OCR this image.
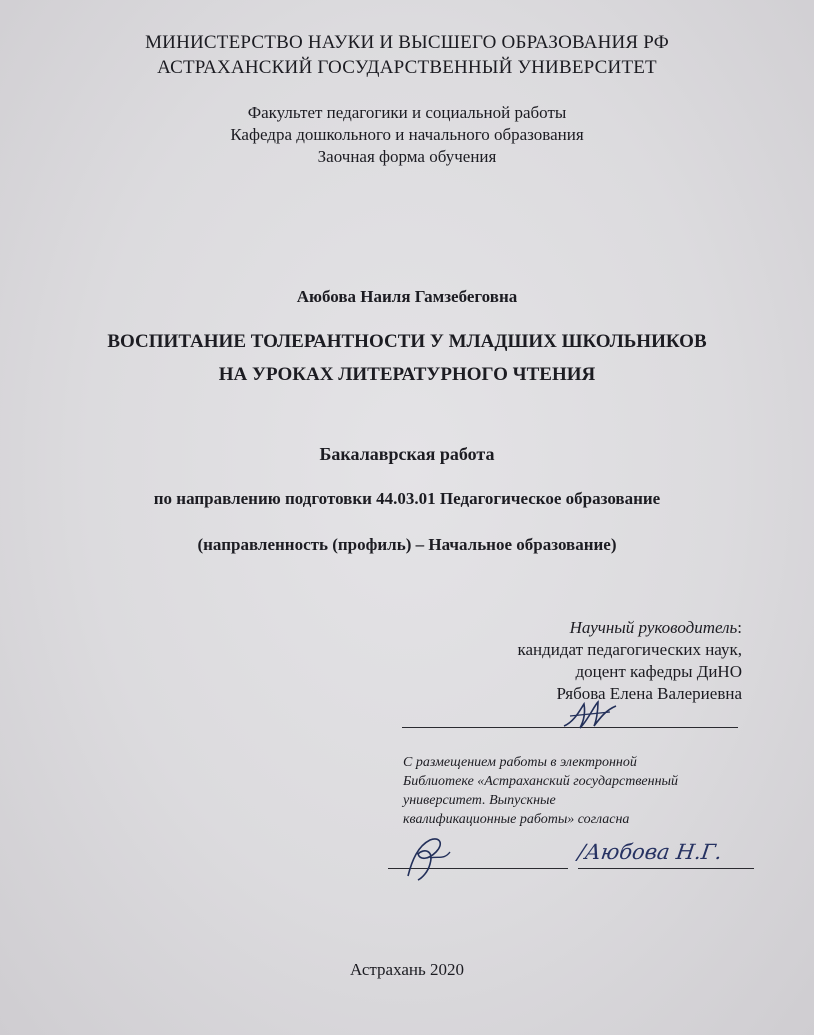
МИНИСТЕРСТВО НАУКИ И ВЫСШЕГО ОБРАЗОВАНИЯ РФ
АСТРАХАНСКИЙ ГОСУДАРСТВЕННЫЙ УНИВЕРСИТЕТ
Факультет педагогики и социальной работы
Кафедра дошкольного и начального образования
Заочная форма обучения
Аюбова Наиля Гамзебеговна
ВОСПИТАНИЕ ТОЛЕРАНТНОСТИ У МЛАДШИХ ШКОЛЬНИКОВ
НА УРОКАХ ЛИТЕРАТУРНОГО ЧТЕНИЯ
Бакалаврская работа
по направлению подготовки 44.03.01 Педагогическое образование
(направленность (профиль) – Начальное образование)
Научный руководитель:
кандидат педагогических наук,
доцент кафедры ДиНО
Рябова Елена Валериевна
С размещением работы в электронной
Библиотеке «Астраханский государственный
университет. Выпускные
квалификационные работы» согласна
/Аюбова Н.Г.
Астрахань 2020
